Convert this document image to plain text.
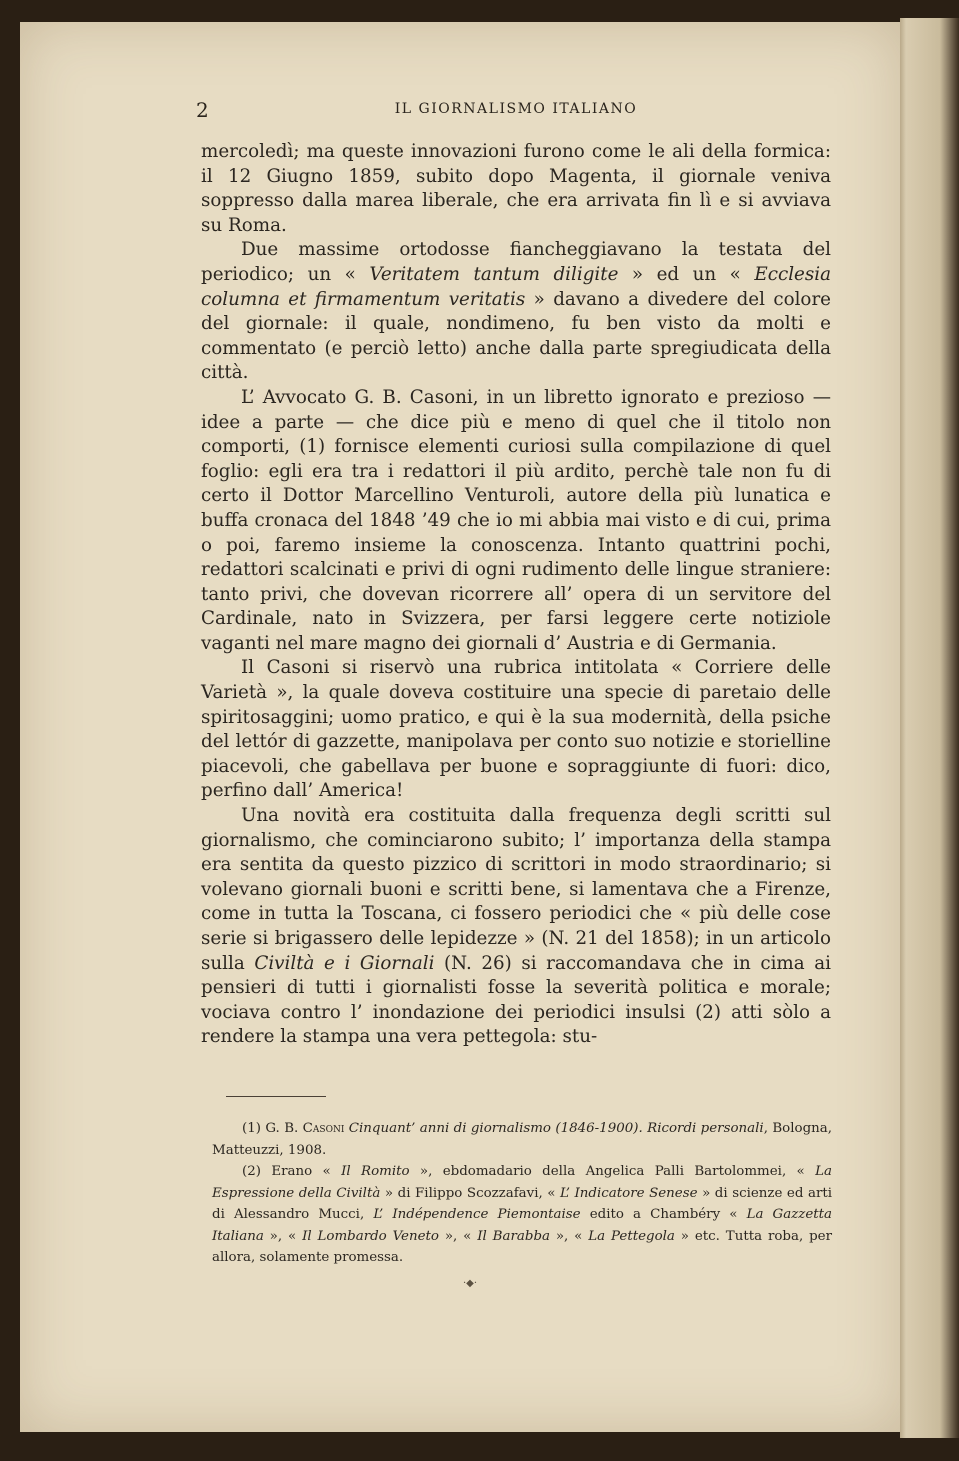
2	IL GIORNALISMO ITALIANO

mercoledì; ma queste innovazioni furono come le ali della formica: il 12 Giugno 1859, subito dopo Magenta, il giornale veniva soppresso dalla marea liberale, che era arrivata fin lì e si avviava su Roma.

Due massime ortodosse fiancheggiavano la testata del periodico; un « Veritatem tantum diligite » ed un « Ecclesia columna et firmamentum veritatis » davano a divedere del colore del giornale: il quale, nondimeno, fu ben visto da molti e commentato (e perciò letto) anche dalla parte spregiudicata della città.

L’ Avvocato G. B. Casoni, in un libretto ignorato e prezioso — idee a parte — che dice più e meno di quel che il titolo non comporti, (1) fornisce elementi curiosi sulla compilazione di quel foglio: egli era tra i redattori il più ardito, perchè tale non fu di certo il Dottor Marcellino Venturoli, autore della più lunatica e buffa cronaca del 1848 ’49 che io mi abbia mai visto e di cui, prima o poi, faremo insieme la conoscenza. Intanto quattrini pochi, redattori scalcinati e privi di ogni rudimento delle lingue straniere: tanto privi, che dovevan ricorrere all’ opera di un servitore del Cardinale, nato in Svizzera, per farsi leggere certe notiziole vaganti nel mare magno dei giornali d’ Austria e di Germania.

Il Casoni si riservò una rubrica intitolata « Corriere delle Varietà », la quale doveva costituire una specie di paretaio delle spiritosaggini; uomo pratico, e qui è la sua modernità, della psiche del lettór di gazzette, manipolava per conto suo notizie e storielline piacevoli, che gabellava per buone e sopraggiunte di fuori: dico, perfino dall’ America!

Una novità era costituita dalla frequenza degli scritti sul giornalismo, che cominciarono subito; l’ importanza della stampa era sentita da questo pizzico di scrittori in modo straordinario; si volevano giornali buoni e scritti bene, si lamentava che a Firenze, come in tutta la Toscana, ci fossero periodici che « più delle cose serie si brigassero delle lepidezze » (N. 21 del 1858); in un articolo sulla Civiltà e i Giornali (N. 26) si raccomandava che in cima ai pensieri di tutti i giornalisti fosse la severità politica e morale; vociava contro l’ inondazione dei periodici insulsi (2) atti sòlo a rendere la stampa una vera pettegola: stu-

(1) G. B. Casoni Cinquant’ anni di giornalismo (1846-1900). Ricordi personali, Bologna, Matteuzzi, 1908.

(2) Erano « Il Romito », ebdomadario della Angelica Palli Bartolommei, « La Espressione della Civiltà » di Filippo Scozzafavi, « L’ Indicatore Senese » di scienze ed arti di Alessandro Mucci, L’ Indépendence Piemontaise edito a Chambéry « La Gazzetta Italiana », « Il Lombardo Veneto », « Il Barabba », « La Pettegola » etc. Tutta roba, per allora, solamente promessa.

·◆·
